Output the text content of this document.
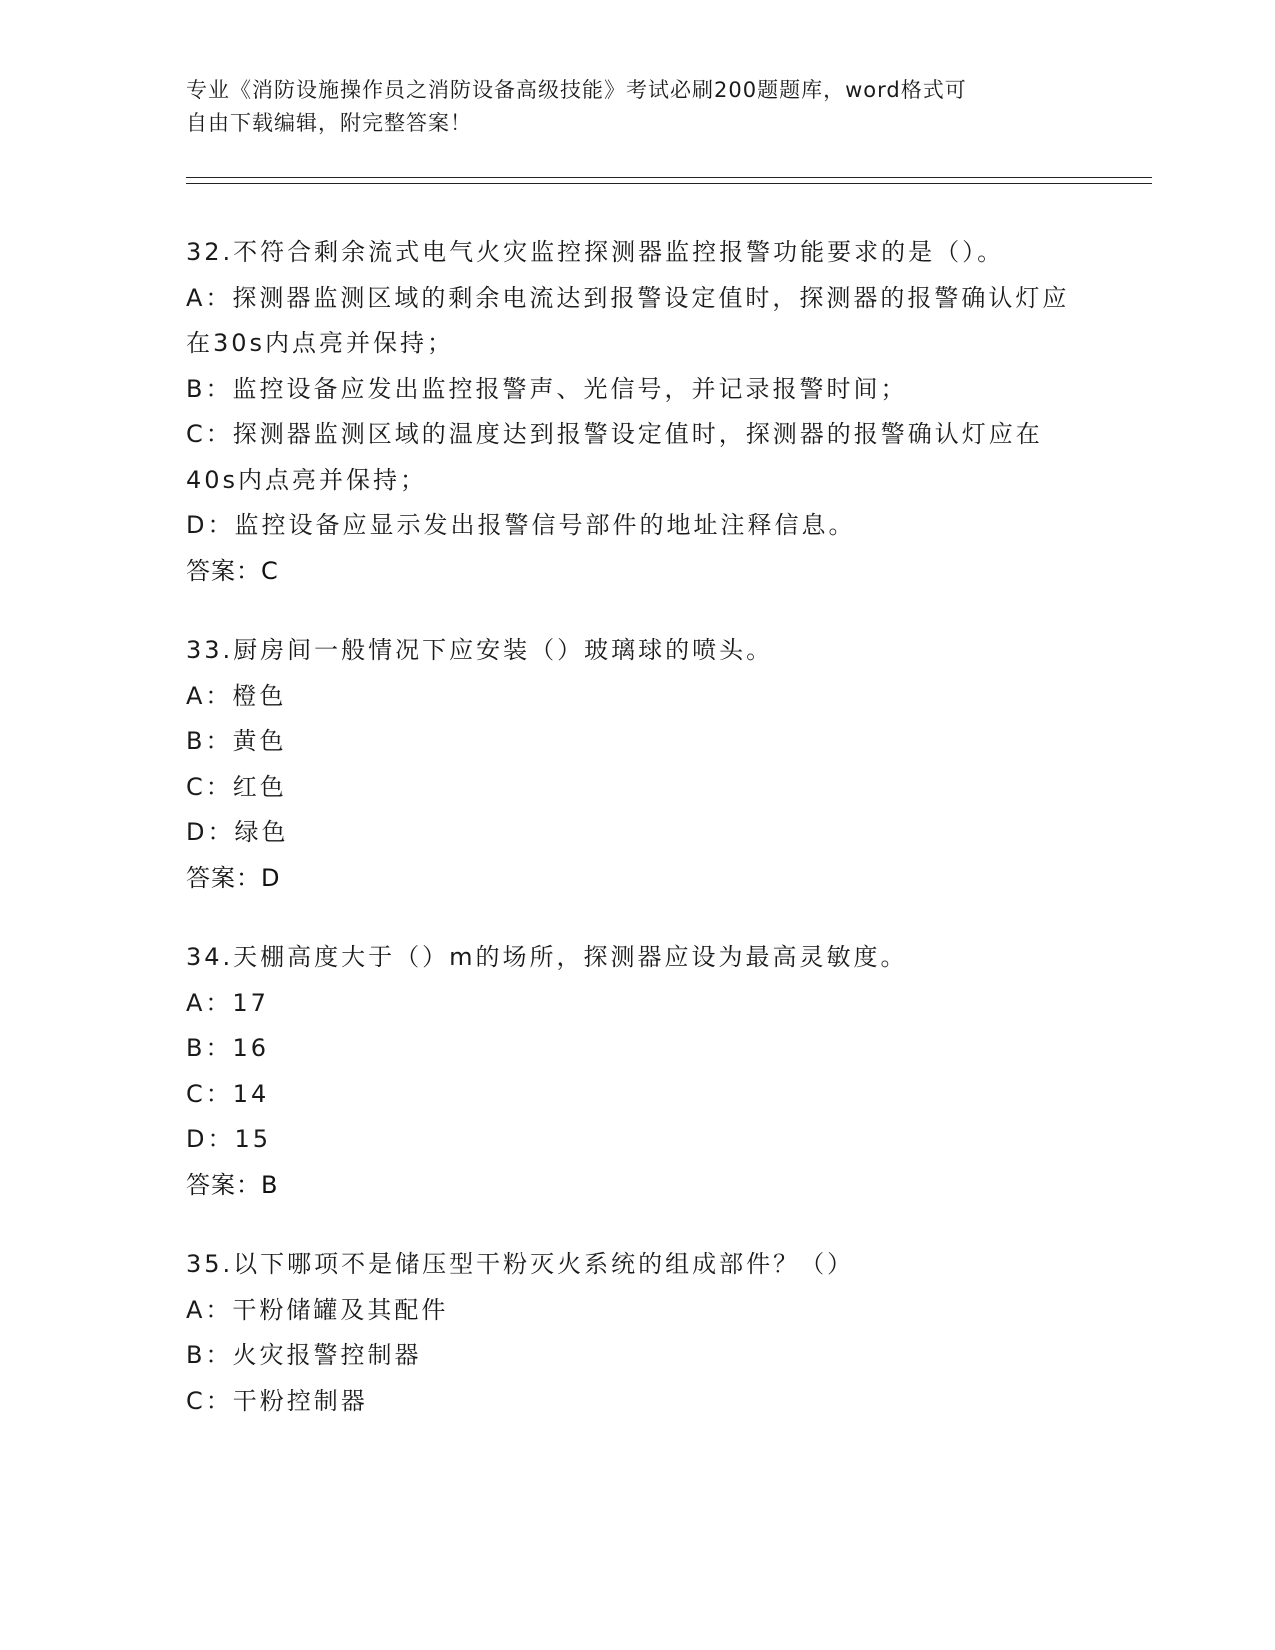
专业《消防设施操作员之消防设备高级技能》考试必刷200题题库，word格式可
自由下载编辑，附完整答案！
32.不符合剩余流式电气火灾监控探测器监控报警功能要求的是（）。
A：探测器监测区域的剩余电流达到报警设定值时，探测器的报警确认灯应在30s内点亮并保持；
B：监控设备应发出监控报警声、光信号，并记录报警时间；
C：探测器监测区域的温度达到报警设定值时，探测器的报警确认灯应在40s内点亮并保持；
D：监控设备应显示发出报警信号部件的地址注释信息。
答案：C
33.厨房间一般情况下应安装（）玻璃球的喷头。
A：橙色
B：黄色
C：红色
D：绿色
答案：D
34.天棚高度大于（）m的场所，探测器应设为最高灵敏度。
A：17
B：16
C：14
D：15
答案：B
35.以下哪项不是储压型干粉灭火系统的组成部件？（）
A：干粉储罐及其配件
B：火灾报警控制器
C：干粉控制器
